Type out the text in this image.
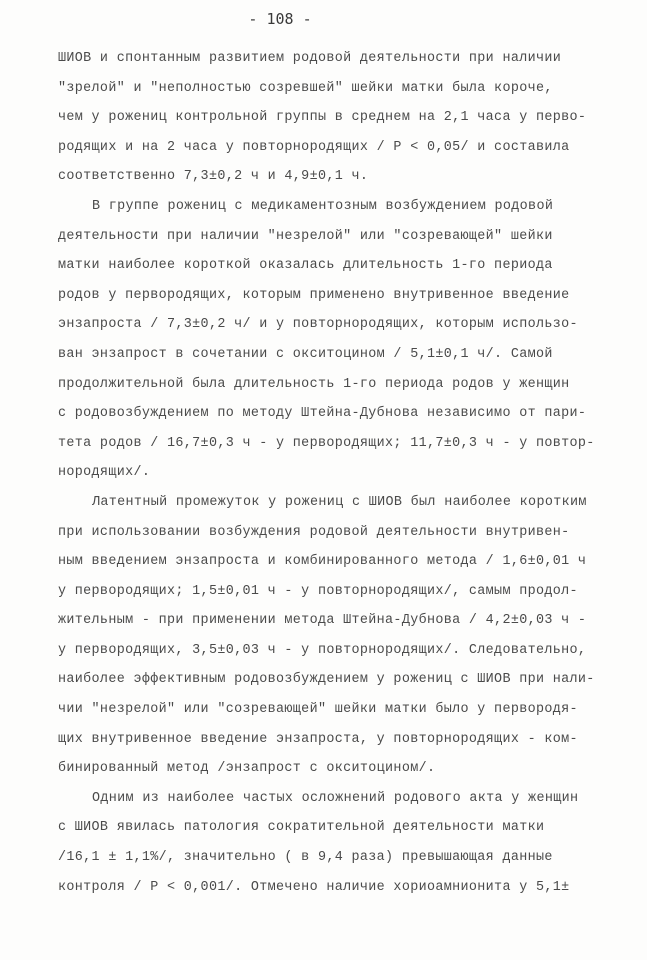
- 108 -
ШИОВ и спонтанным развитием родовой деятельности при наличии
"зрелой" и "неполностью созревшей" шейки матки была короче,
чем у рожениц контрольной группы в среднем на 2,1 часа у перво-
родящих и на 2 часа у повторнородящих / Р < 0,05/ и составила
соответственно 7,3±0,2 ч и 4,9±0,1 ч.
В группе рожениц с медикаментозным возбуждением родовой
деятельности при наличии "незрелой" или "созревающей" шейки
матки наиболее короткой оказалась длительность 1-го периода
родов у первородящих, которым применено внутривенное введение
энзапроста / 7,3±0,2 ч/ и у повторнородящих, которым использо-
ван энзапрост в сочетании с окситоцином / 5,1±0,1 ч/. Самой
продолжительной была длительность 1-го периода родов у женщин
с родовозбуждением по методу Штейна-Дубнова независимо от пари-
тета родов / 16,7±0,3 ч - у первородящих; 11,7±0,3 ч - у повтор-
нородящих/.
Латентный промежуток у рожениц с ШИОВ был наиболее коротким
при использовании возбуждения родовой деятельности внутривен-
ным введением энзапроста и комбинированного метода / 1,6±0,01 ч
у первородящих; 1,5±0,01 ч - у повторнородящих/, самым продол-
жительным - при применении метода Штейна-Дубнова / 4,2±0,03 ч -
у первородящих, 3,5±0,03 ч - у повторнородящих/. Следовательно,
наиболее эффективным родовозбуждением у рожениц с ШИОВ при нали-
чии "незрелой" или "созревающей" шейки матки было у первородя-
щих внутривенное введение энзапроста, у повторнородящих - ком-
бинированный метод /энзапрост с окситоцином/.
Одним из наиболее частых осложнений родового акта у женщин
с ШИОВ явилась патология сократительной деятельности матки
/16,1 ± 1,1%/, значительно ( в 9,4 раза) превышающая данные
контроля / Р < 0,001/. Отмечено наличие хориоамнионита у 5,1±
